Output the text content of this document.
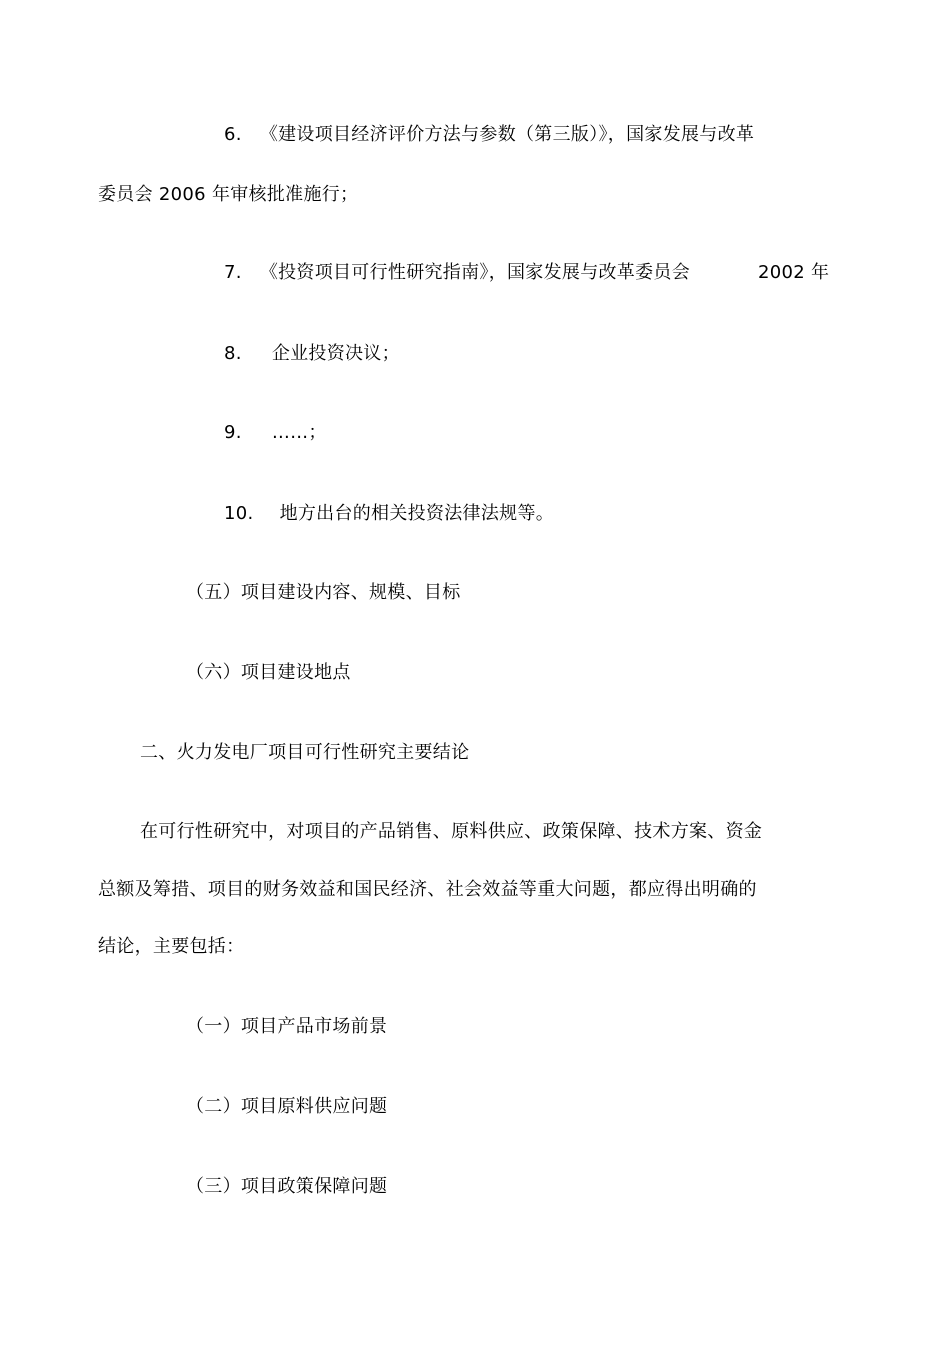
6. 《建设项目经济评价方法与参数（第三版）》，国家发展与改革
委员会 2006 年审核批准施行；
7. 《投资项目可行性研究指南》，国家发展与改革委员会	2002 年
8. 企业投资决议；
9. ……；
10. 地方出台的相关投资法律法规等。
（五）项目建设内容、规模、目标
（六）项目建设地点
二、火力发电厂项目可行性研究主要结论
在可行性研究中，对项目的产品销售、原料供应、政策保障、技术方案、资金
总额及筹措、项目的财务效益和国民经济、社会效益等重大问题，都应得出明确的
结论，主要包括：
（一）项目产品市场前景
（二）项目原料供应问题
（三）项目政策保障问题
